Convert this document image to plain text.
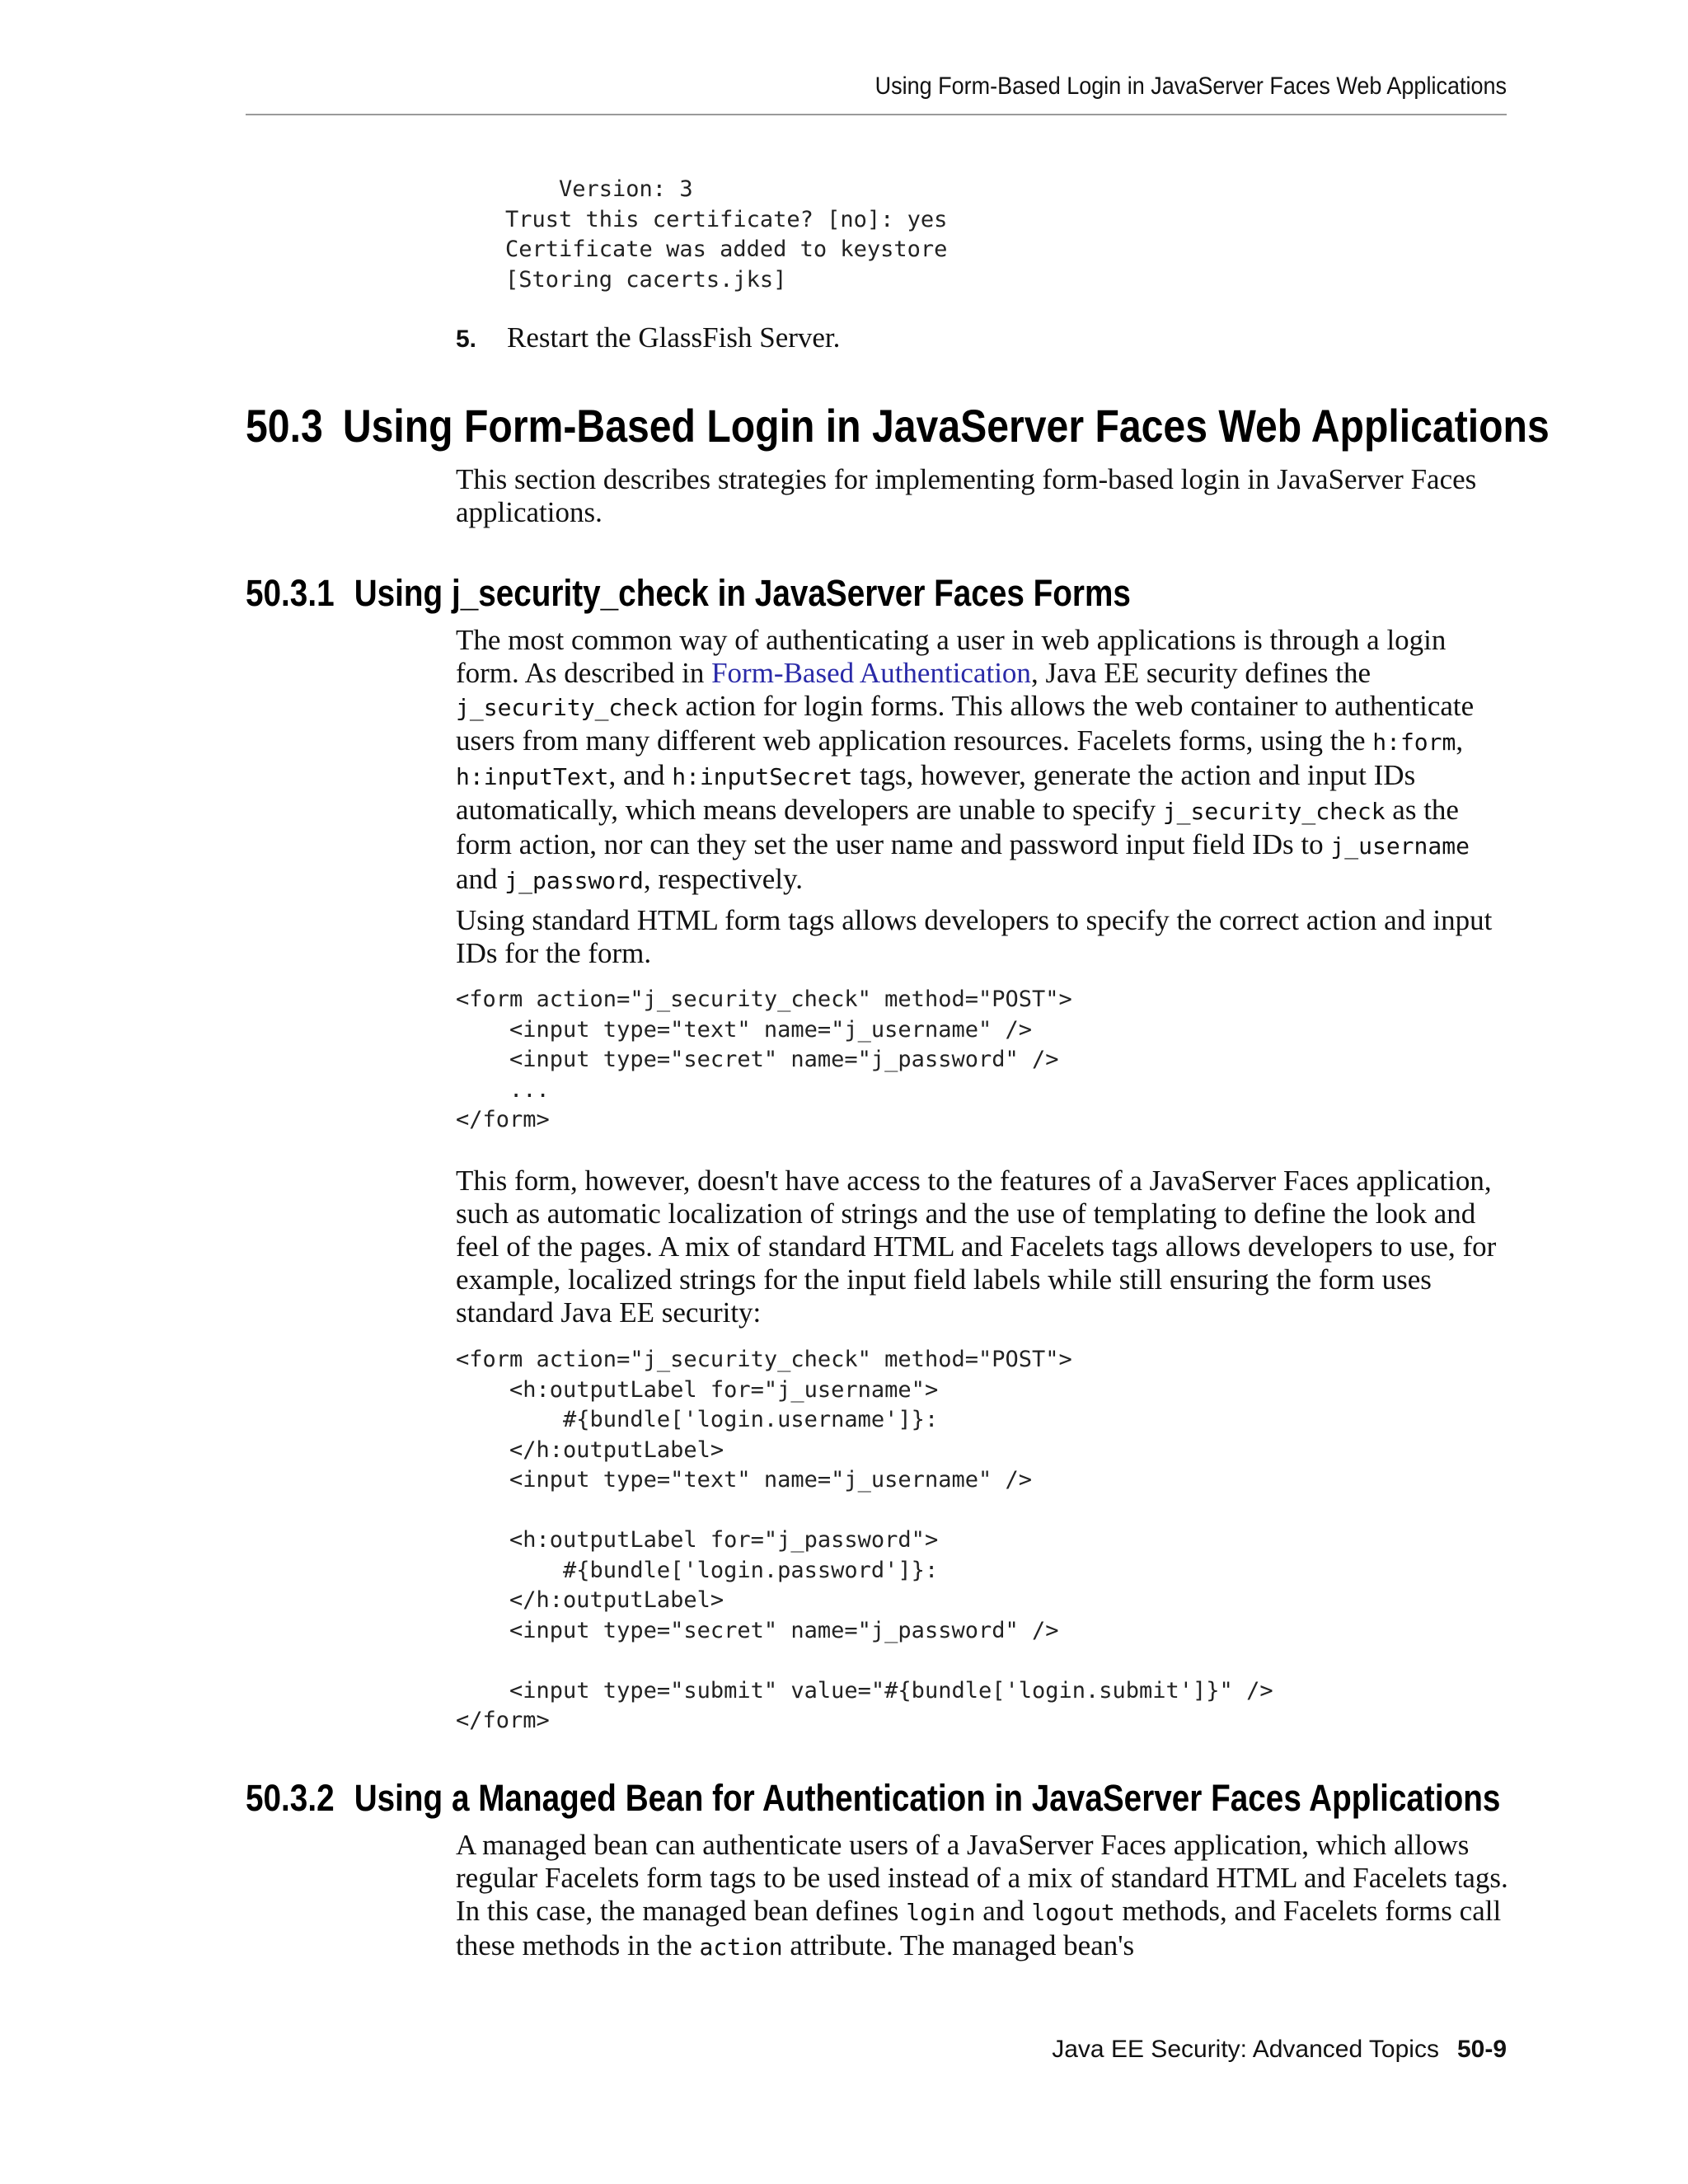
Using Form-Based Login in JavaServer Faces Web Applications
Version: 3
Trust this certificate? [no]: yes
Certificate was added to keystore
[Storing cacerts.jks]
5. Restart the GlassFish Server.
50.3 Using Form-Based Login in JavaServer Faces Web Applications

This section describes strategies for implementing form-based login in JavaServer Faces applications.

50.3.1 Using j_security_check in JavaServer Faces Forms

The most common way of authenticating a user in web applications is through a login form. As described in Form-Based Authentication, Java EE security defines the j_security_check action for login forms. This allows the web container to authenticate users from many different web application resources. Facelets forms, using the h:form, h:inputText, and h:inputSecret tags, however, generate the action and input IDs automatically, which means developers are unable to specify j_security_check as the form action, nor can they set the user name and password input field IDs to j_username and j_password, respectively.

Using standard HTML form tags allows developers to specify the correct action and input IDs for the form.

<form action="j_security_check" method="POST">
<input type="text" name="j_username" />
<input type="secret" name="j_password" />
...
</form>

This form, however, doesn't have access to the features of a JavaServer Faces application, such as automatic localization of strings and the use of templating to define the look and feel of the pages. A mix of standard HTML and Facelets tags allows developers to use, for example, localized strings for the input field labels while still ensuring the form uses standard Java EE security:

<form action="j_security_check" method="POST">
<h:outputLabel for="j_username">
#{bundle['login.username']}:
</h:outputLabel>
<input type="text" name="j_username" />

<h:outputLabel for="j_password">
#{bundle['login.password']}:
</h:outputLabel>
<input type="secret" name="j_password" />

<input type="submit" value="#{bundle['login.submit']}" />
</form>
50.3.2 Using a Managed Bean for Authentication in JavaServer Faces Applications

A managed bean can authenticate users of a JavaServer Faces application, which allows regular Facelets form tags to be used instead of a mix of standard HTML and Facelets tags. In this case, the managed bean defines login and logout methods, and Facelets forms call these methods in the action attribute. The managed bean's

Java EE Security: Advanced Topics 50-9
